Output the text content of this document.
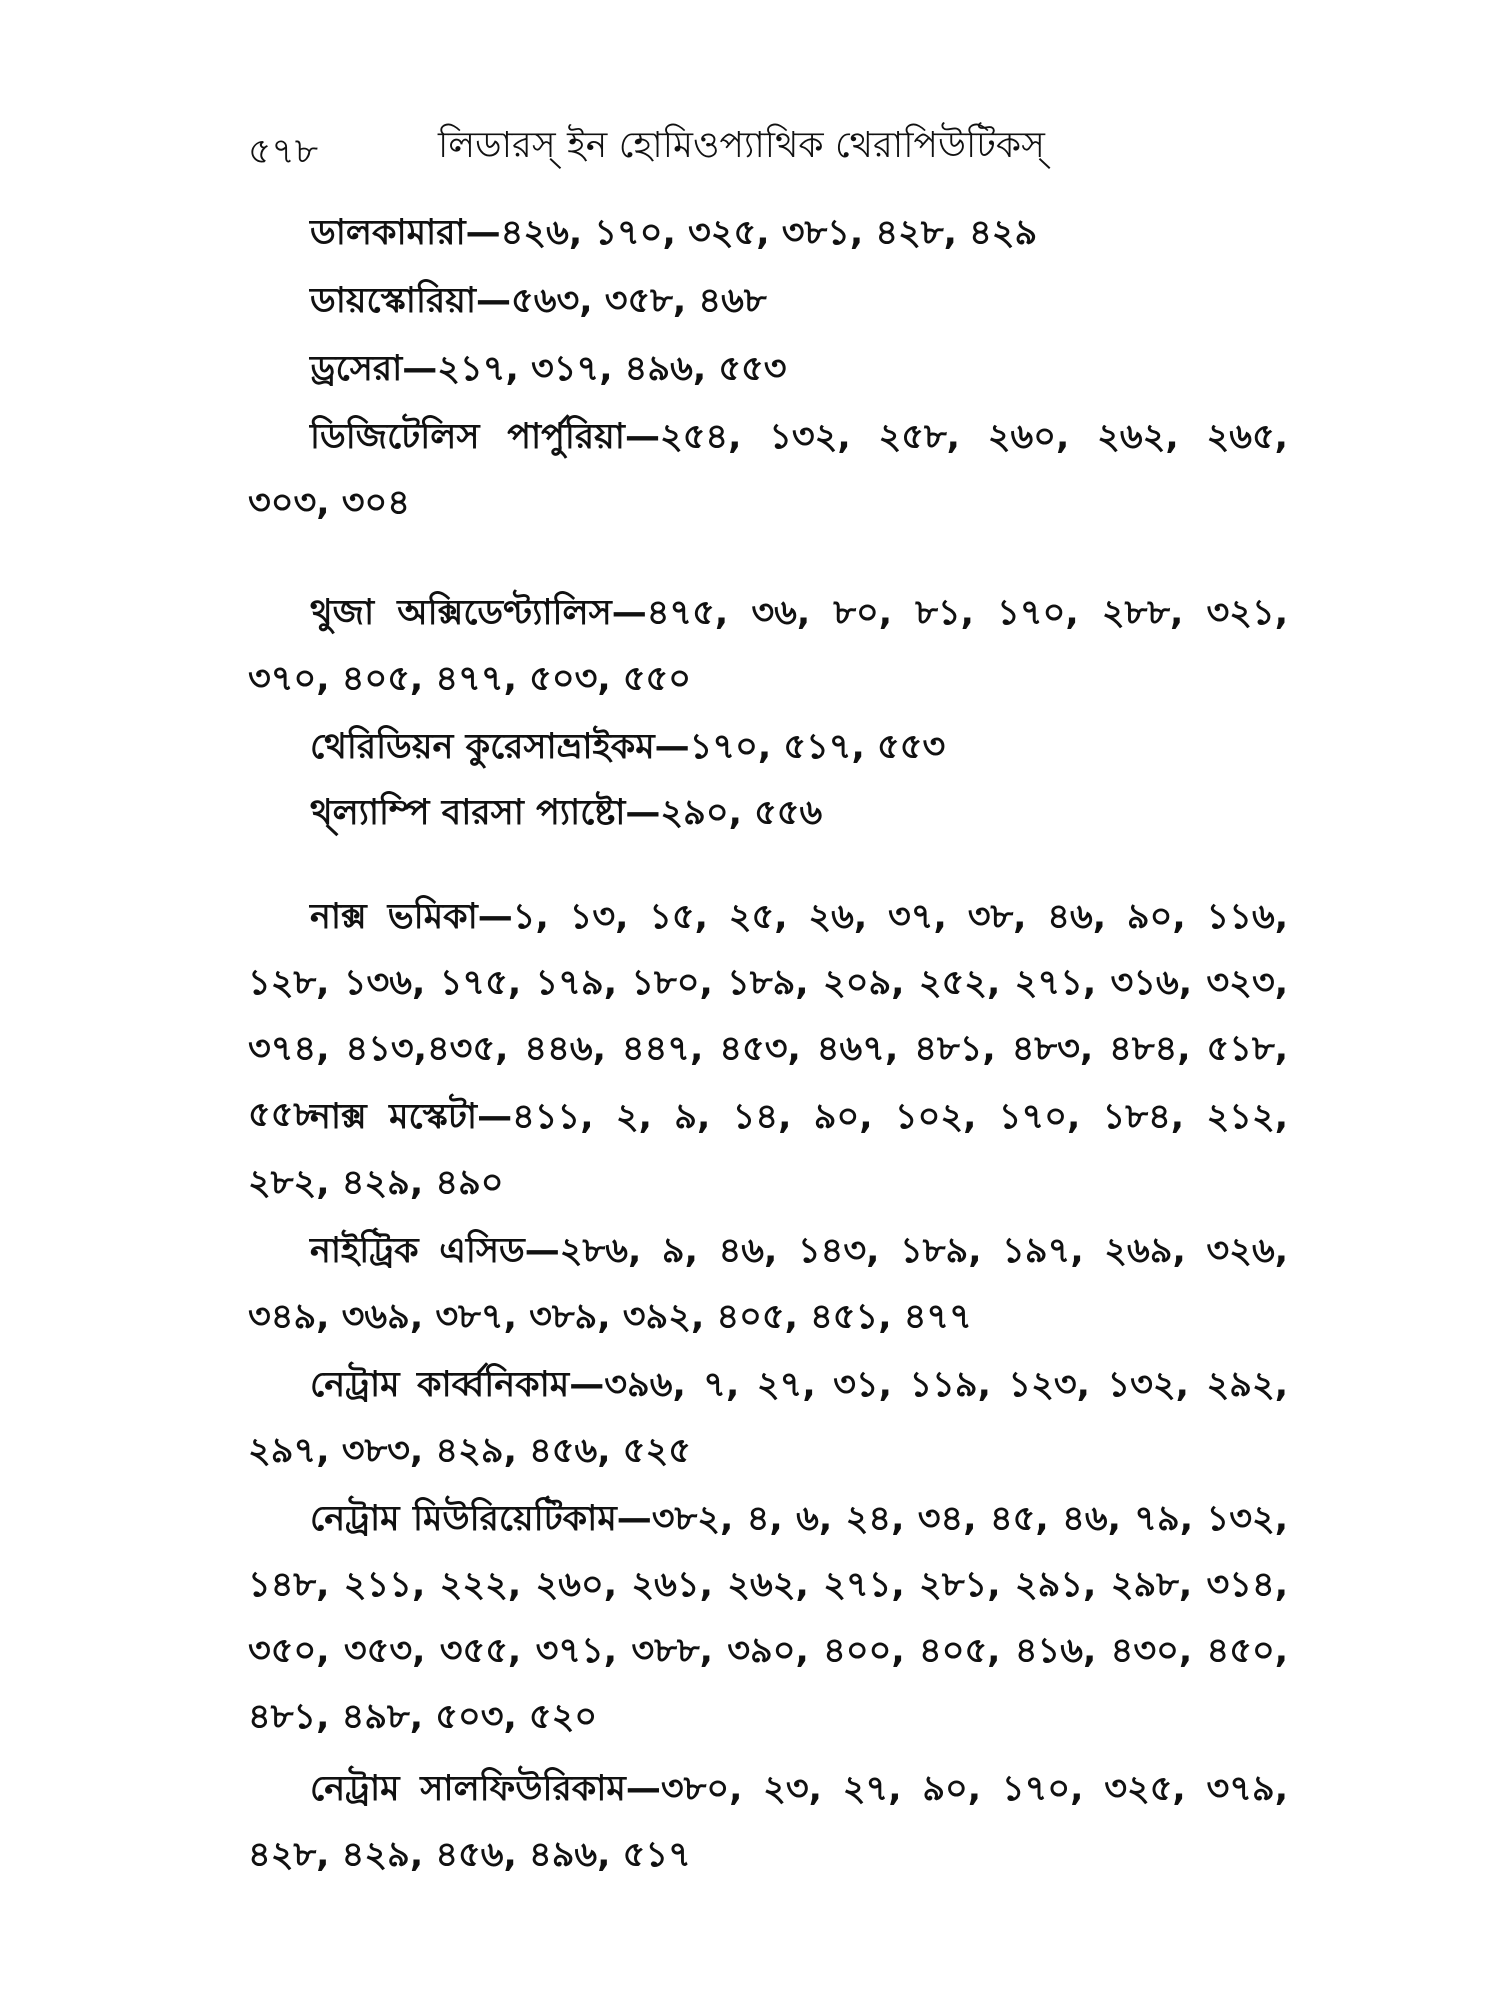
৫৭৮	লিডারস্ ইন হোমিওপ্যাথিক থেরাপিউটিকস্
ডালকামারা—৪২৬, ১৭০, ৩২৫, ৩৮১, ৪২৮, ৪২৯
ডায়স্কোরিয়া—৫৬৩, ৩৫৮, ৪৬৮
ড্রসেরা—২১৭, ৩১৭, ৪৯৬, ৫৫৩
ডিজিটেলিস পার্পুরিয়া—২৫৪, ১৩২, ২৫৮, ২৬০, ২৬২, ২৬৫, ৩০৩, ৩০৪
থুজা অক্সিডেণ্ট্যালিস—৪৭৫, ৩৬, ৮০, ৮১, ১৭০, ২৮৮, ৩২১, ৩৭০, ৪০৫, ৪৭৭, ৫০৩, ৫৫০
থেরিডিয়ন কুরেসাভ্রাইকম—১৭০, ৫১৭, ৫৫৩
থ্ল্যাম্পি বারসা প্যাষ্টো—২৯০, ৫৫৬
নাক্স ভমিকা—১, ১৩, ১৫, ২৫, ২৬, ৩৭, ৩৮, ৪৬, ৯০, ১১৬, ১২৮, ১৩৬, ১৭৫, ১৭৯, ১৮০, ১৮৯, ২০৯, ২৫২, ২৭১, ৩১৬, ৩২৩, ৩৭৪, ৪১৩,৪৩৫, ৪৪৬, ৪৪৭, ৪৫৩, ৪৬৭, ৪৮১, ৪৮৩, ৪৮৪, ৫১৮, ৫৫৮
নাক্স মস্কেটা—৪১১, ২, ৯, ১৪, ৯০, ১০২, ১৭০, ১৮৪, ২১২, ২৮২, ৪২৯, ৪৯০
নাইট্রিক এসিড—২৮৬, ৯, ৪৬, ১৪৩, ১৮৯, ১৯৭, ২৬৯, ৩২৬, ৩৪৯, ৩৬৯, ৩৮৭, ৩৮৯, ৩৯২, ৪০৫, ৪৫১, ৪৭৭
নেট্রাম কার্ব্বনিকাম—৩৯৬, ৭, ২৭, ৩১, ১১৯, ১২৩, ১৩২, ২৯২, ২৯৭, ৩৮৩, ৪২৯, ৪৫৬, ৫২৫
নেট্রাম মিউরিয়েটিকাম—৩৮২, ৪, ৬, ২৪, ৩৪, ৪৫, ৪৬, ৭৯, ১৩২, ১৪৮, ২১১, ২২২, ২৬০, ২৬১, ২৬২, ২৭১, ২৮১, ২৯১, ২৯৮, ৩১৪, ৩৫০, ৩৫৩, ৩৫৫, ৩৭১, ৩৮৮, ৩৯০, ৪০০, ৪০৫, ৪১৬, ৪৩০, ৪৫০, ৪৮১, ৪৯৮, ৫০৩, ৫২০
নেট্রাম সালফিউরিকাম—৩৮০, ২৩, ২৭, ৯০, ১৭০, ৩২৫, ৩৭৯, ৪২৮, ৪২৯, ৪৫৬, ৪৯৬, ৫১৭
